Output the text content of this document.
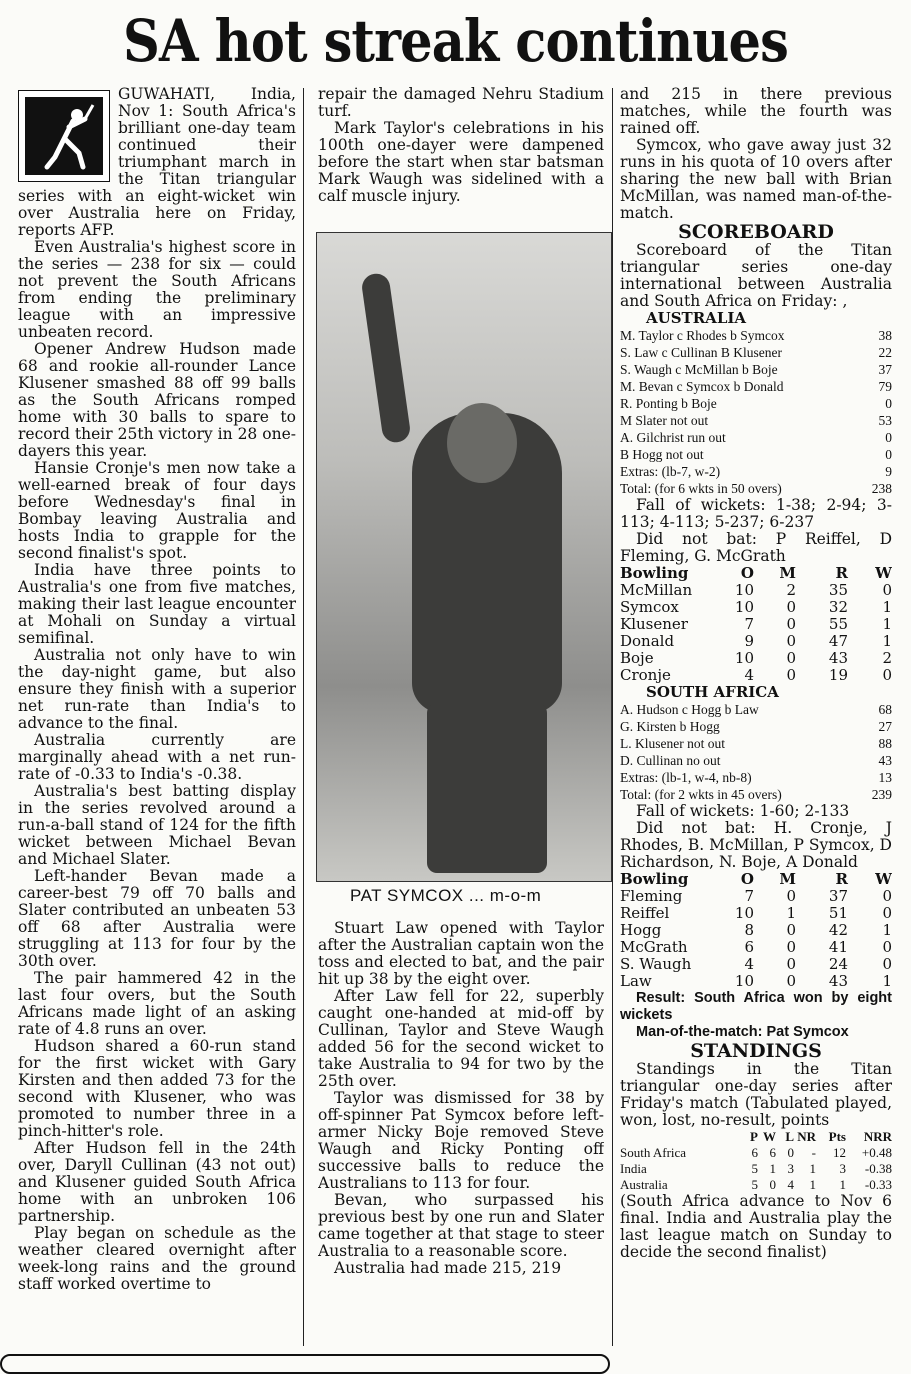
SA hot streak continues

GUWAHATI, India, Nov 1: South Africa's brilliant one-day team continued their triumphant march in the Titan triangular series with an eight-wicket win over Australia here on Friday, reports AFP.

Even Australia's highest score in the series — 238 for six — could not prevent the South Africans from ending the preliminary league with an impressive unbeaten record.

Opener Andrew Hudson made 68 and rookie all-rounder Lance Klusener smashed 88 off 99 balls as the South Africans romped home with 30 balls to spare to record their 25th victory in 28 one-dayers this year.

Hansie Cronje's men now take a well-earned break of four days before Wednesday's final in Bombay leaving Australia and hosts India to grapple for the second finalist's spot.

India have three points to Australia's one from five matches, making their last league encounter at Mohali on Sunday a virtual semifinal.

Australia not only have to win the day-night game, but also ensure they finish with a superior net run-rate than India's to advance to the final.

Australia currently are marginally ahead with a net run-rate of -0.33 to India's -0.38.

Australia's best batting display in the series revolved around a run-a-ball stand of 124 for the fifth wicket between Michael Bevan and Michael Slater.

Left-hander Bevan made a career-best 79 off 70 balls and Slater contributed an unbeaten 53 off 68 after Australia were struggling at 113 for four by the 30th over.

The pair hammered 42 in the last four overs, but the South Africans made light of an asking rate of 4.8 runs an over.

Hudson shared a 60-run stand for the first wicket with Gary Kirsten and then added 73 for the second with Klusener, who was promoted to number three in a pinch-hitter's role.

After Hudson fell in the 24th over, Daryll Cullinan (43 not out) and Klusener guided South Africa home with an unbroken 106 partnership.

Play began on schedule as the weather cleared overnight after week-long rains and the ground staff worked overtime to

repair the damaged Nehru Stadium turf.

Mark Taylor's celebrations in his 100th one-dayer were dampened before the start when star batsman Mark Waugh was sidelined with a calf muscle injury.

PAT SYMCOX ... m-o-m

Stuart Law opened with Taylor after the Australian captain won the toss and elected to bat, and the pair hit up 38 by the eight over.

After Law fell for 22, superbly caught one-handed at mid-off by Cullinan, Taylor and Steve Waugh added 56 for the second wicket to take Australia to 94 for two by the 25th over.

Taylor was dismissed for 38 by off-spinner Pat Symcox before left-armer Nicky Boje removed Steve Waugh and Ricky Ponting off successive balls to reduce the Australians to 113 for four.

Bevan, who surpassed his previous best by one run and Slater came together at that stage to steer Australia to a reasonable score.

Australia had made 215, 219

and 215 in there previous matches, while the fourth was rained off.

Symcox, who gave away just 32 runs in his quota of 10 overs after sharing the new ball with Brian McMillan, was named man-of-the-match.

SCOREBOARD

Scoreboard of the Titan triangular series one-day international between Australia and South Africa on Friday: ,

AUSTRALIA
M. Taylor c Rhodes b Symcox	38
S. Law c Cullinan B Klusener	22
S. Waugh c McMillan b Boje	37
M. Bevan c Symcox b Donald	79
R. Ponting b Boje	0
M Slater not out	53
A. Gilchrist run out	0
B Hogg not out	0
Extras: (lb-7, w-2)	9
Total: (for 6 wkts in 50 overs)	238

Fall of wickets: 1-38; 2-94; 3-113; 4-113; 5-237; 6-237

Did not bat: P Reiffel, D Fleming, G. McGrath

Bowling	O	M	R	W
McMillan	10	2	35	0
Symcox	10	0	32	1
Klusener	7	0	55	1
Donald	9	0	47	1
Boje	10	0	43	2
Cronje	4	0	19	0
SOUTH AFRICA
A. Hudson c Hogg b Law	68
G. Kirsten b Hogg	27
L. Klusener not out	88
D. Cullinan no out	43
Extras: (lb-1, w-4, nb-8)	13
Total: (for 2 wkts in 45 overs)	239

Fall of wickets: 1-60; 2-133

Did not bat: H. Cronje, J Rhodes, B. McMillan, P Symcox, D Richardson, N. Boje, A Donald

Bowling	O	M	R	W
Fleming	7	0	37	0
Reiffel	10	1	51	0
Hogg	8	0	42	1
McGrath	6	0	41	0
S. Waugh	4	0	24	0
Law	10	0	43	1

Result: South Africa won by eight wickets

Man-of-the-match: Pat Symcox

STANDINGS

Standings in the Titan triangular one-day series after Friday's match (Tabulated played, won, lost, no-result, points

P W L NR Pts	NRR
South Africa	6 6 0	-	12	+0.48
India	5 1 3	1	3	-0.38
Australia	5 0 4	1	1	-0.33

(South Africa advance to Nov 6 final. India and Australia play the last league match on Sunday to decide the second finalist)
